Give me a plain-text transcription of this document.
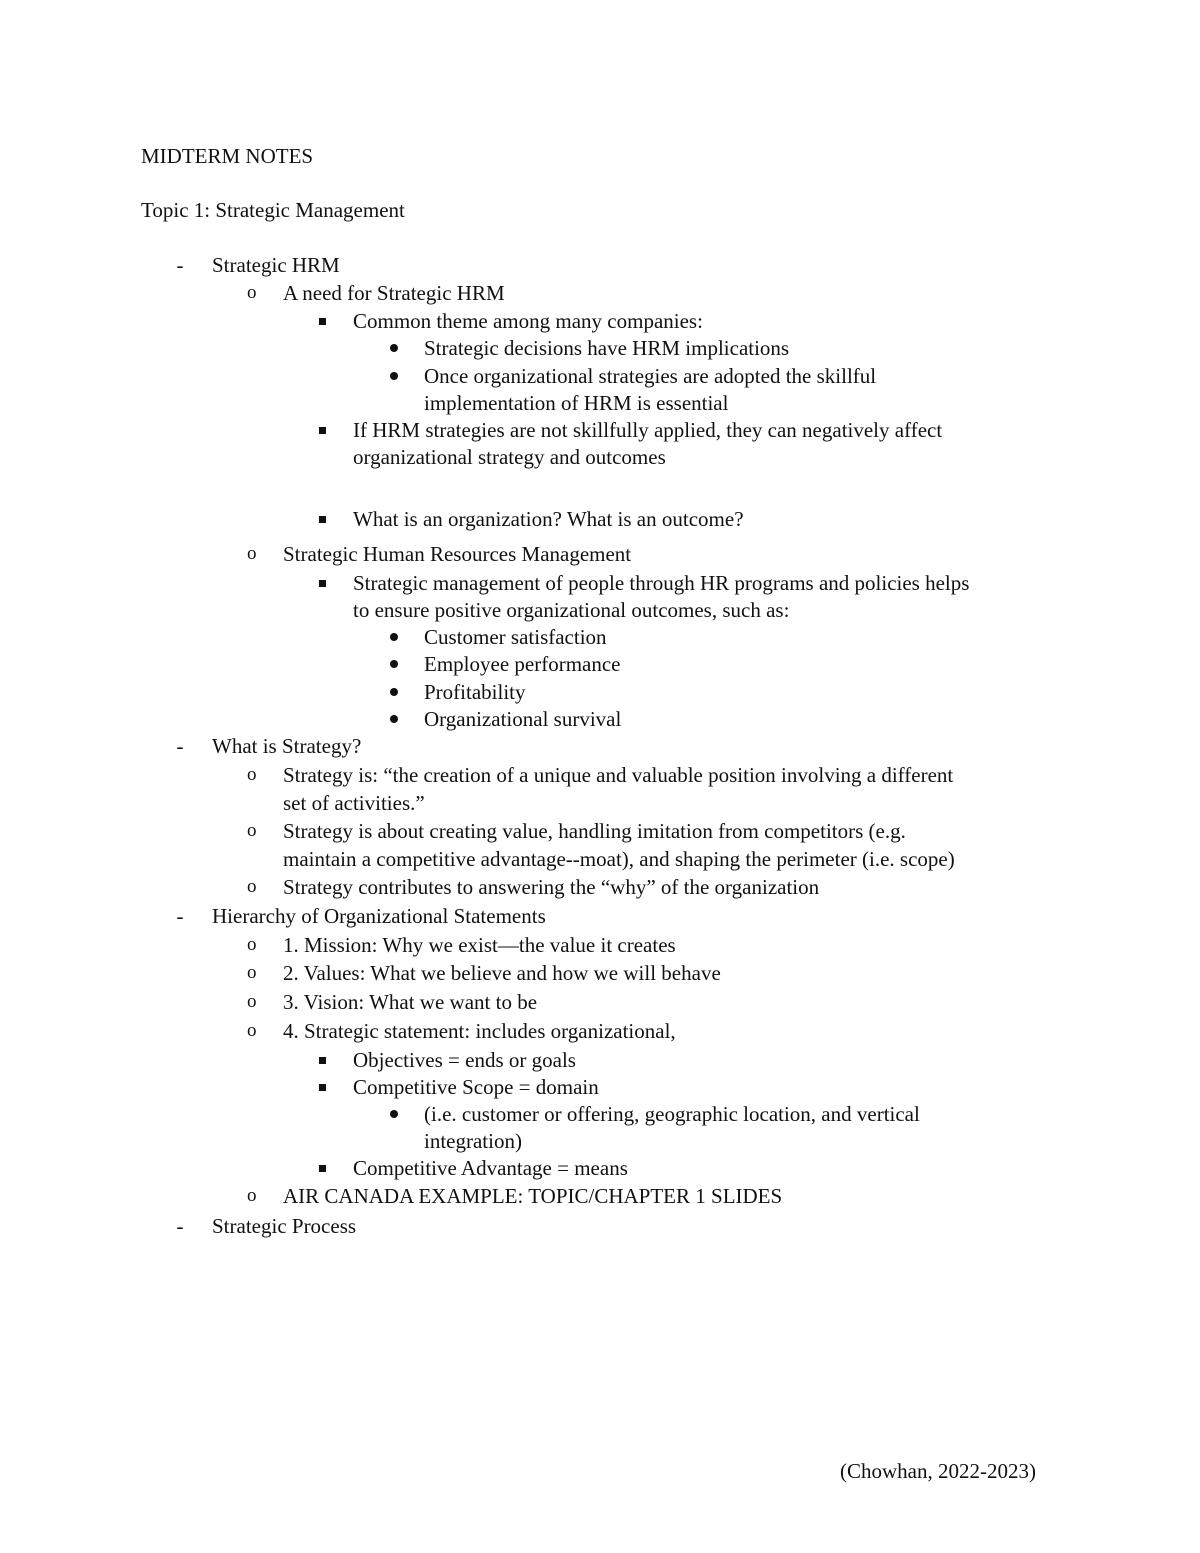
MIDTERM NOTES
Topic 1: Strategic Management
- Strategic HRM
o A need for Strategic HRM
Common theme among many companies:
Strategic decisions have HRM implications
Once organizational strategies are adopted the skillful
implementation of HRM is essential
If HRM strategies are not skillfully applied, they can negatively affect
organizational strategy and outcomes
What is an organization? What is an outcome?
o Strategic Human Resources Management
Strategic management of people through HR programs and policies helps
to ensure positive organizational outcomes, such as:
Customer satisfaction
Employee performance
Profitability
Organizational survival
- What is Strategy?
o Strategy is: “the creation of a unique and valuable position involving a different
set of activities.”
o Strategy is about creating value, handling imitation from competitors (e.g.
maintain a competitive advantage--moat), and shaping the perimeter (i.e. scope)
o Strategy contributes to answering the “why” of the organization
- Hierarchy of Organizational Statements
o 1. Mission: Why we exist—the value it creates
o 2. Values: What we believe and how we will behave
o 3. Vision: What we want to be
o 4. Strategic statement: includes organizational,
Objectives = ends or goals
Competitive Scope = domain
(i.e. customer or offering, geographic location, and vertical
integration)
Competitive Advantage = means
o AIR CANADA EXAMPLE: TOPIC/CHAPTER 1 SLIDES
- Strategic Process
(Chowhan, 2022-2023)
